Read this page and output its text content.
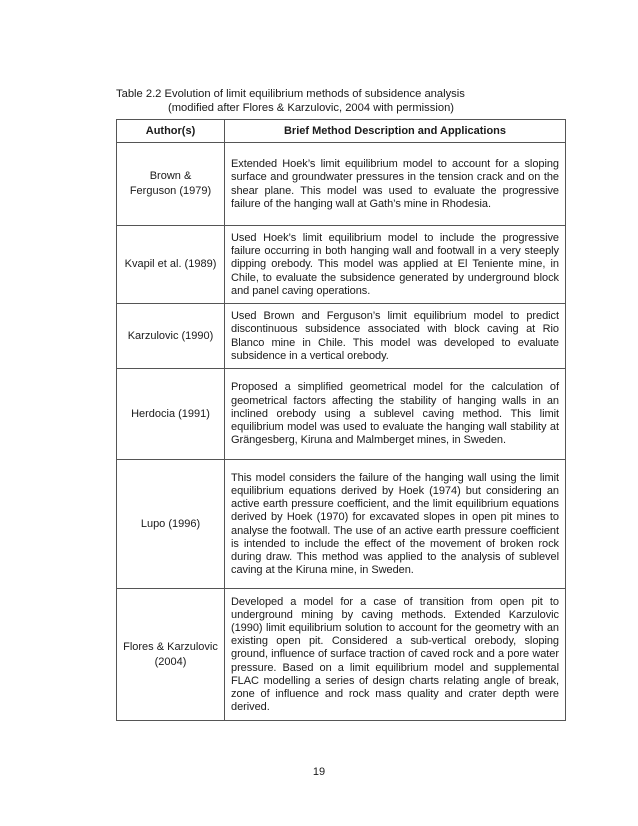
Table 2.2 Evolution of limit equilibrium methods of subsidence analysis
(modified after Flores & Karzulovic, 2004 with permission)
Author(s)	Brief Method Description and Applications
Brown &
Ferguson (1979)	Extended Hoek’s limit equilibrium model to account for a sloping surface and groundwater pressures in the tension crack and on the shear plane. This model was used to evaluate the progressive failure of the hanging wall at Gath’s mine in Rhodesia.
Kvapil et al. (1989)	Used Hoek’s limit equilibrium model to include the progressive failure occurring in both hanging wall and footwall in a very steeply dipping orebody. This model was applied at El Teniente mine, in Chile, to evaluate the subsidence generated by underground block and panel caving operations.
Karzulovic (1990)	Used Brown and Ferguson’s limit equilibrium model to predict discontinuous subsidence associated with block caving at Rio Blanco mine in Chile. This model was developed to evaluate subsidence in a vertical orebody.
Herdocia (1991)	Proposed a simplified geometrical model for the calculation of geometrical factors affecting the stability of hanging walls in an inclined orebody using a sublevel caving method. This limit equilibrium model was used to evaluate the hanging wall stability at Grängesberg, Kiruna and Malmberget mines, in Sweden.
Lupo (1996)	This model considers the failure of the hanging wall using the limit equilibrium equations derived by Hoek (1974) but considering an active earth pressure coefficient, and the limit equilibrium equations derived by Hoek (1970) for excavated slopes in open pit mines to analyse the footwall. The use of an active earth pressure coefficient is intended to include the effect of the movement of broken rock during draw. This method was applied to the analysis of sublevel caving at the Kiruna mine, in Sweden.
Flores & Karzulovic
(2004)	Developed a model for a case of transition from open pit to underground mining by caving methods. Extended Karzulovic (1990) limit equilibrium solution to account for the geometry with an existing open pit. Considered a sub-vertical orebody, sloping ground, influence of surface traction of caved rock and a pore water pressure. Based on a limit equilibrium model and supplemental FLAC modelling a series of design charts relating angle of break, zone of influence and rock mass quality and crater depth were derived.
19
